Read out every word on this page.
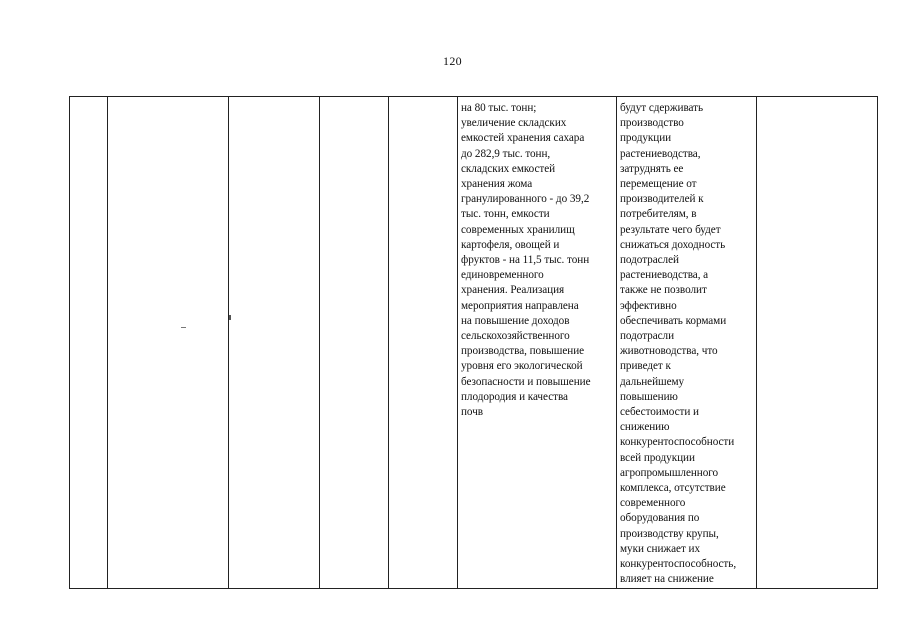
120

на 80 тыс. тонн;
увеличение складских
емкостей хранения сахара
до 282,9 тыс. тонн,
складских емкостей
хранения жома
гранулированного - до 39,2
тыс. тонн, емкости
современных хранилищ
картофеля, овощей и
фруктов - на 11,5 тыс. тонн
единовременного
хранения. Реализация
мероприятия направлена
на повышение доходов
сельскохозяйственного
производства, повышение
уровня его экологической
безопасности и повышение
плодородия и качества
почв

будут сдерживать
производство
продукции
растениеводства,
затруднять ее
перемещение от
производителей к
потребителям, в
результате чего будет
снижаться доходность
подотраслей
растениеводства, а
также не позволит
эффективно
обеспечивать кормами
подотрасли
животноводства, что
приведет к
дальнейшему
повышению
себестоимости и
снижению
конкурентоспособности
всей продукции
агропромышленного
комплекса, отсутствие
современного
оборудования по
производству крупы,
муки снижает их
конкурентоспособность,
влияет на снижение
